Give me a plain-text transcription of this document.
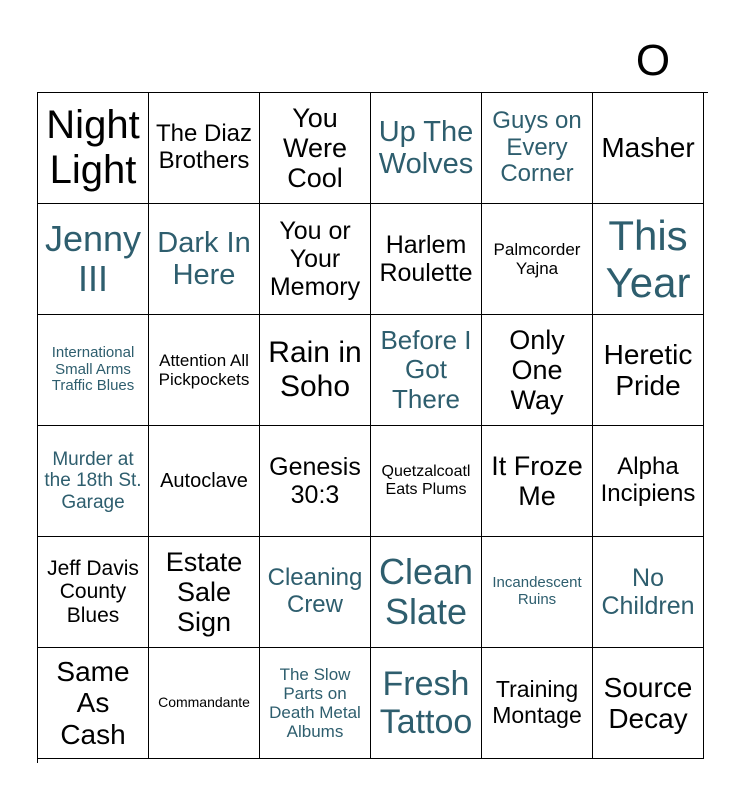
O
Night Light
The Diaz Brothers
You Were Cool
Up The Wolves
Guys on Every Corner
Masher
Jenny III
Dark In Here
You or Your Memory
Harlem Roulette
Palmcorder Yajna
This Year
International Small Arms Traffic Blues
Attention All Pickpockets
Rain in Soho
Before I Got There
Only One Way
Heretic Pride
Murder at the 18th St. Garage
Autoclave Genesis 30:3
Quetzalcoatl Eats Plums
It Froze Me
Alpha Incipiens
Jeff Davis County Blues
Estate Sale Sign
Cleaning Crew
Clean Slate
Incandescent Ruins
No Children
Same As Cash
Commandante
The Slow Parts on Death Metal Albums
Fresh Tattoo
Training Montage
Source Decay
